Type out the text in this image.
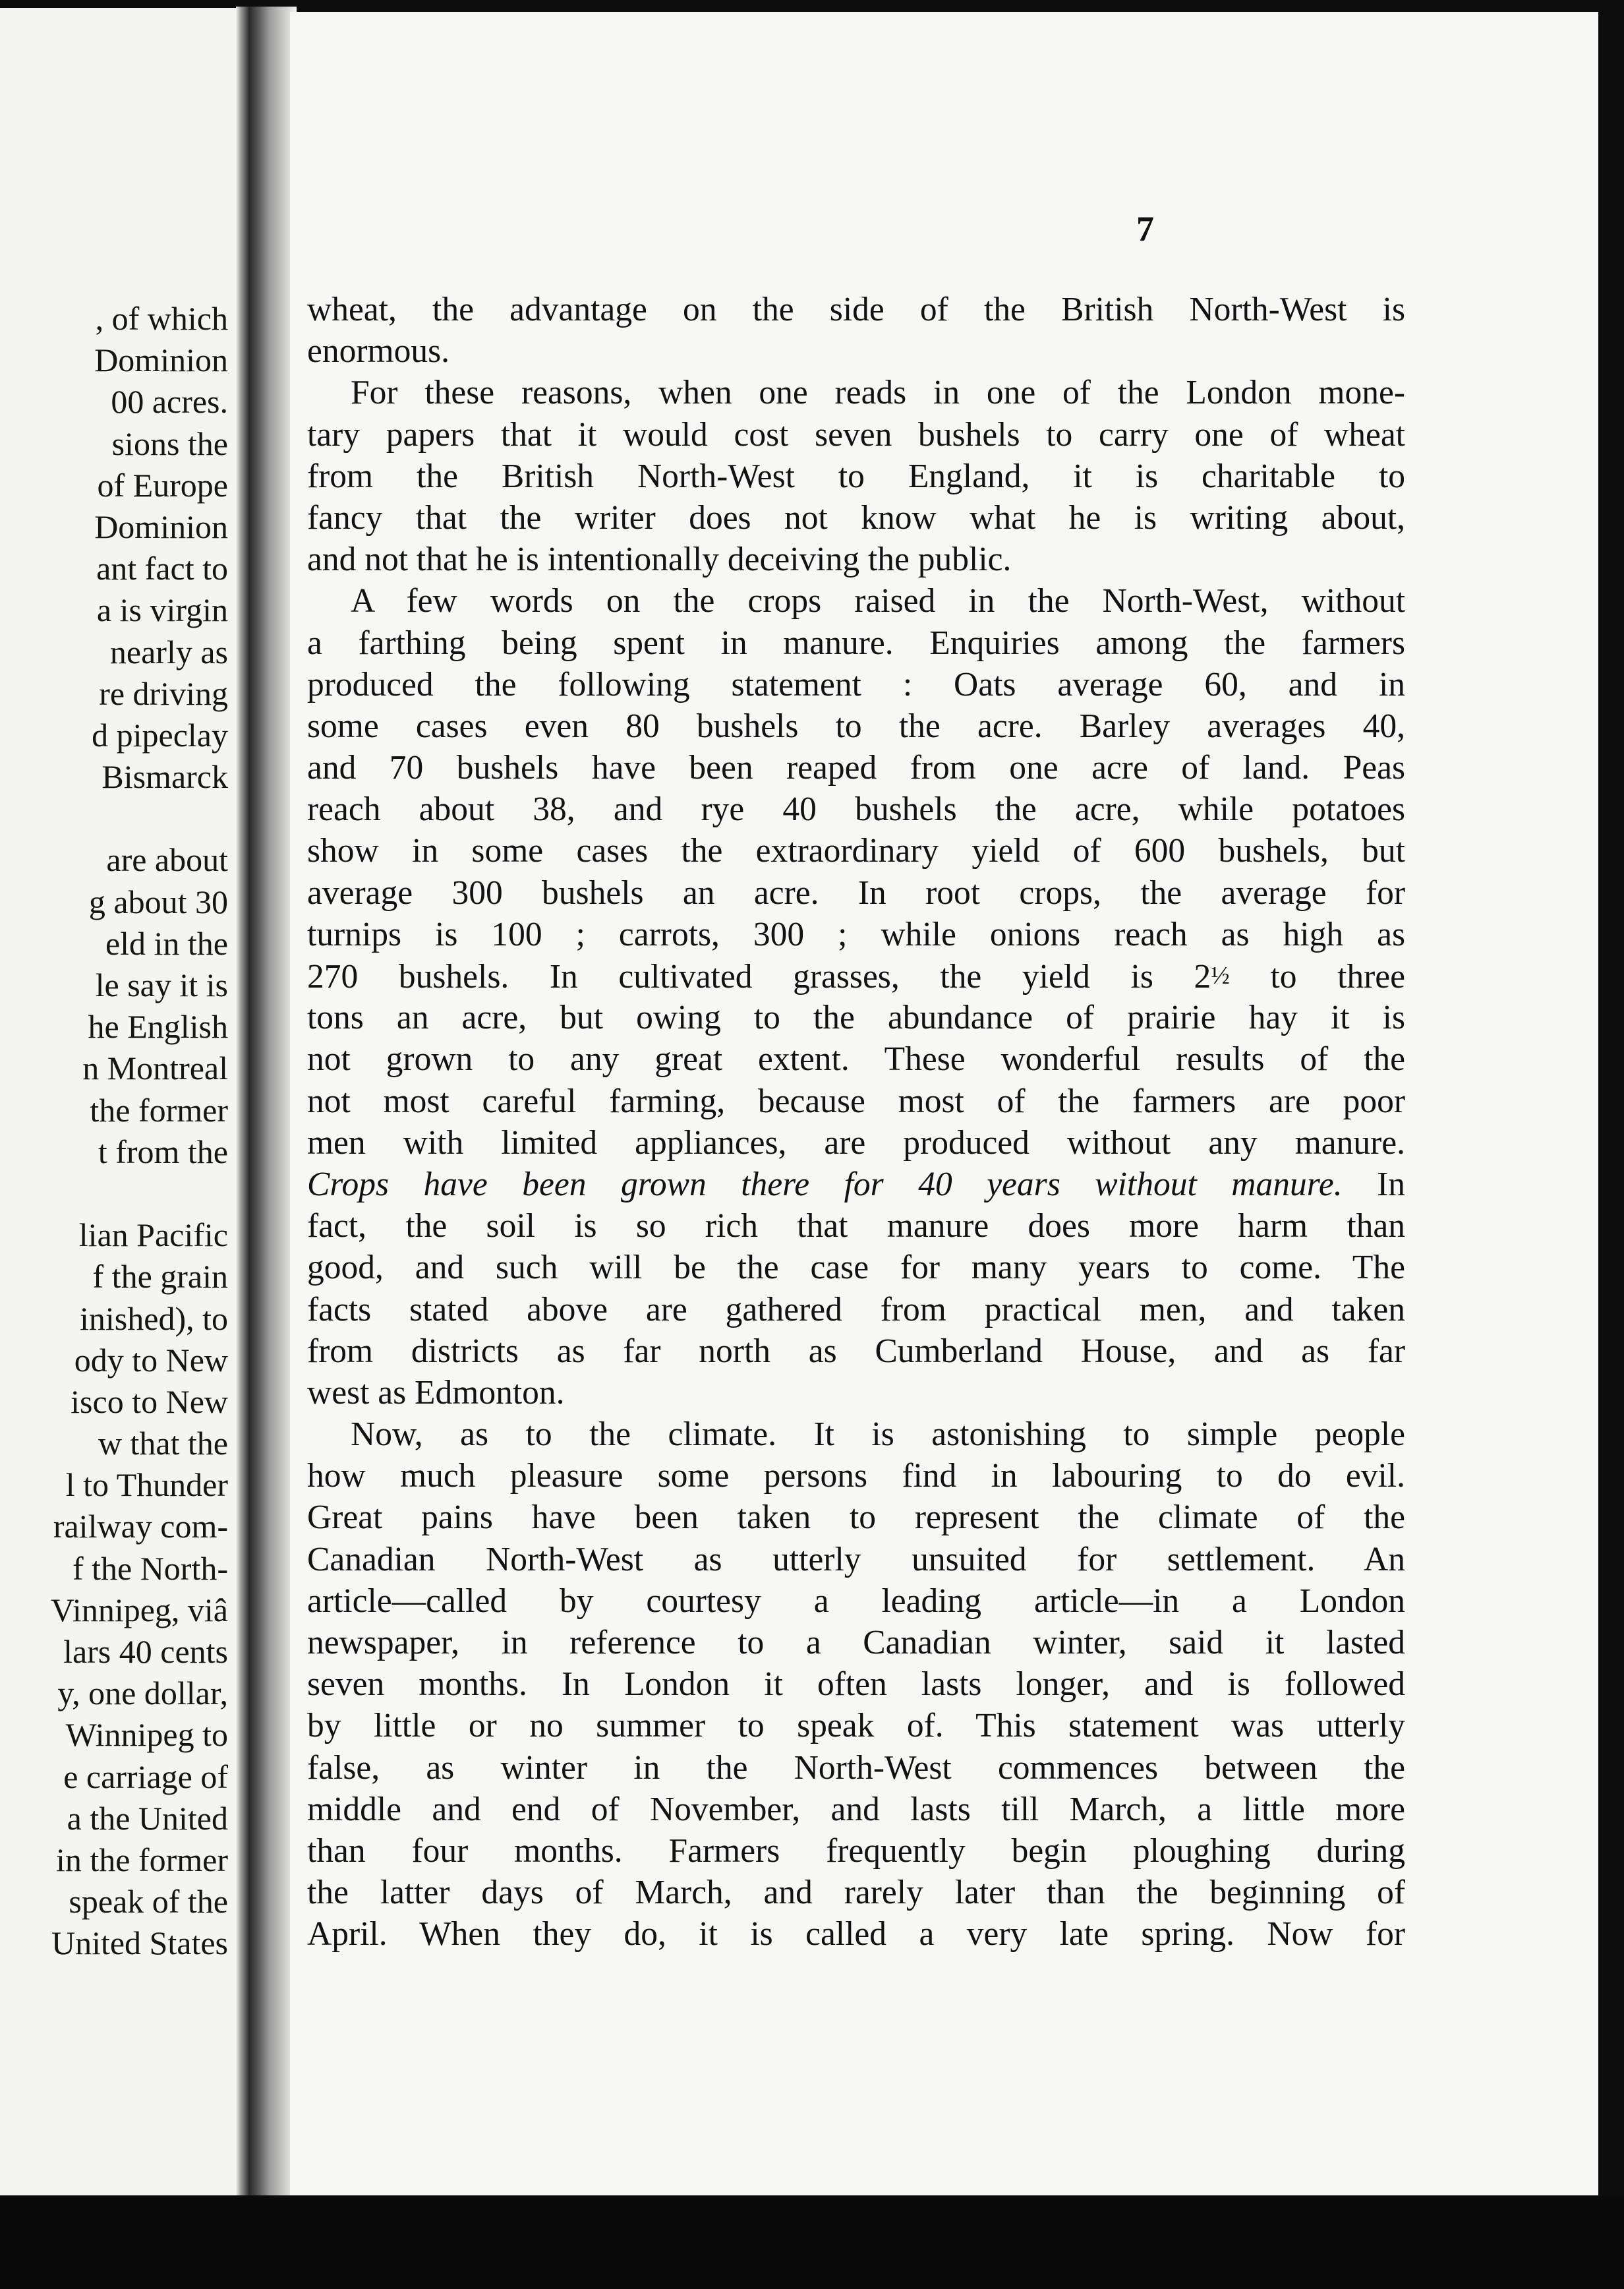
, of which
Dominion
00 acres.
sions the
of Europe
Dominion
ant fact to
a is virgin
nearly as
re driving
d pipeclay
Bismarck
are about
g about 30
eld in the
le say it is
he English
n Montreal
the former
t from the
lian Pacific
f the grain
inished), to
ody to New
isco to New
w that the
l to Thunder
railway com-
f the North-
Vinnipeg, viâ
lars 40 cents
y, one dollar,
Winnipeg to
e carriage of
a the United
in the former
speak of the
United States
7
wheat, the advantage on the side of the British North-West is
enormous.
For these reasons, when one reads in one of the London mone-
tary papers that it would cost seven bushels to carry one of wheat
from the British North-West to England, it is charitable to
fancy that the writer does not know what he is writing about,
and not that he is intentionally deceiving the public.
A few words on the crops raised in the North-West, without
a farthing being spent in manure. Enquiries among the farmers
produced the following statement : Oats average 60, and in
some cases even 80 bushels to the acre. Barley averages 40,
and 70 bushels have been reaped from one acre of land. Peas
reach about 38, and rye 40 bushels the acre, while potatoes
show in some cases the extraordinary yield of 600 bushels, but
average 300 bushels an acre. In root crops, the average for
turnips is 100 ; carrots, 300 ; while onions reach as high as
270 bushels. In cultivated grasses, the yield is 2½ to three
tons an acre, but owing to the abundance of prairie hay it is
not grown to any great extent. These wonderful results of the
not most careful farming, because most of the farmers are poor
men with limited appliances, are produced without any manure.
Crops have been grown there for 40 years without manure. In
fact, the soil is so rich that manure does more harm than
good, and such will be the case for many years to come. The
facts stated above are gathered from practical men, and taken
from districts as far north as Cumberland House, and as far
west as Edmonton.
Now, as to the climate. It is astonishing to simple people
how much pleasure some persons find in labouring to do evil.
Great pains have been taken to represent the climate of the
Canadian North-West as utterly unsuited for settlement. An
article—called by courtesy a leading article—in a London
newspaper, in reference to a Canadian winter, said it lasted
seven months. In London it often lasts longer, and is followed
by little or no summer to speak of. This statement was utterly
false, as winter in the North-West commences between the
middle and end of November, and lasts till March, a little more
than four months. Farmers frequently begin ploughing during
the latter days of March, and rarely later than the beginning of
April. When they do, it is called a very late spring. Now for
